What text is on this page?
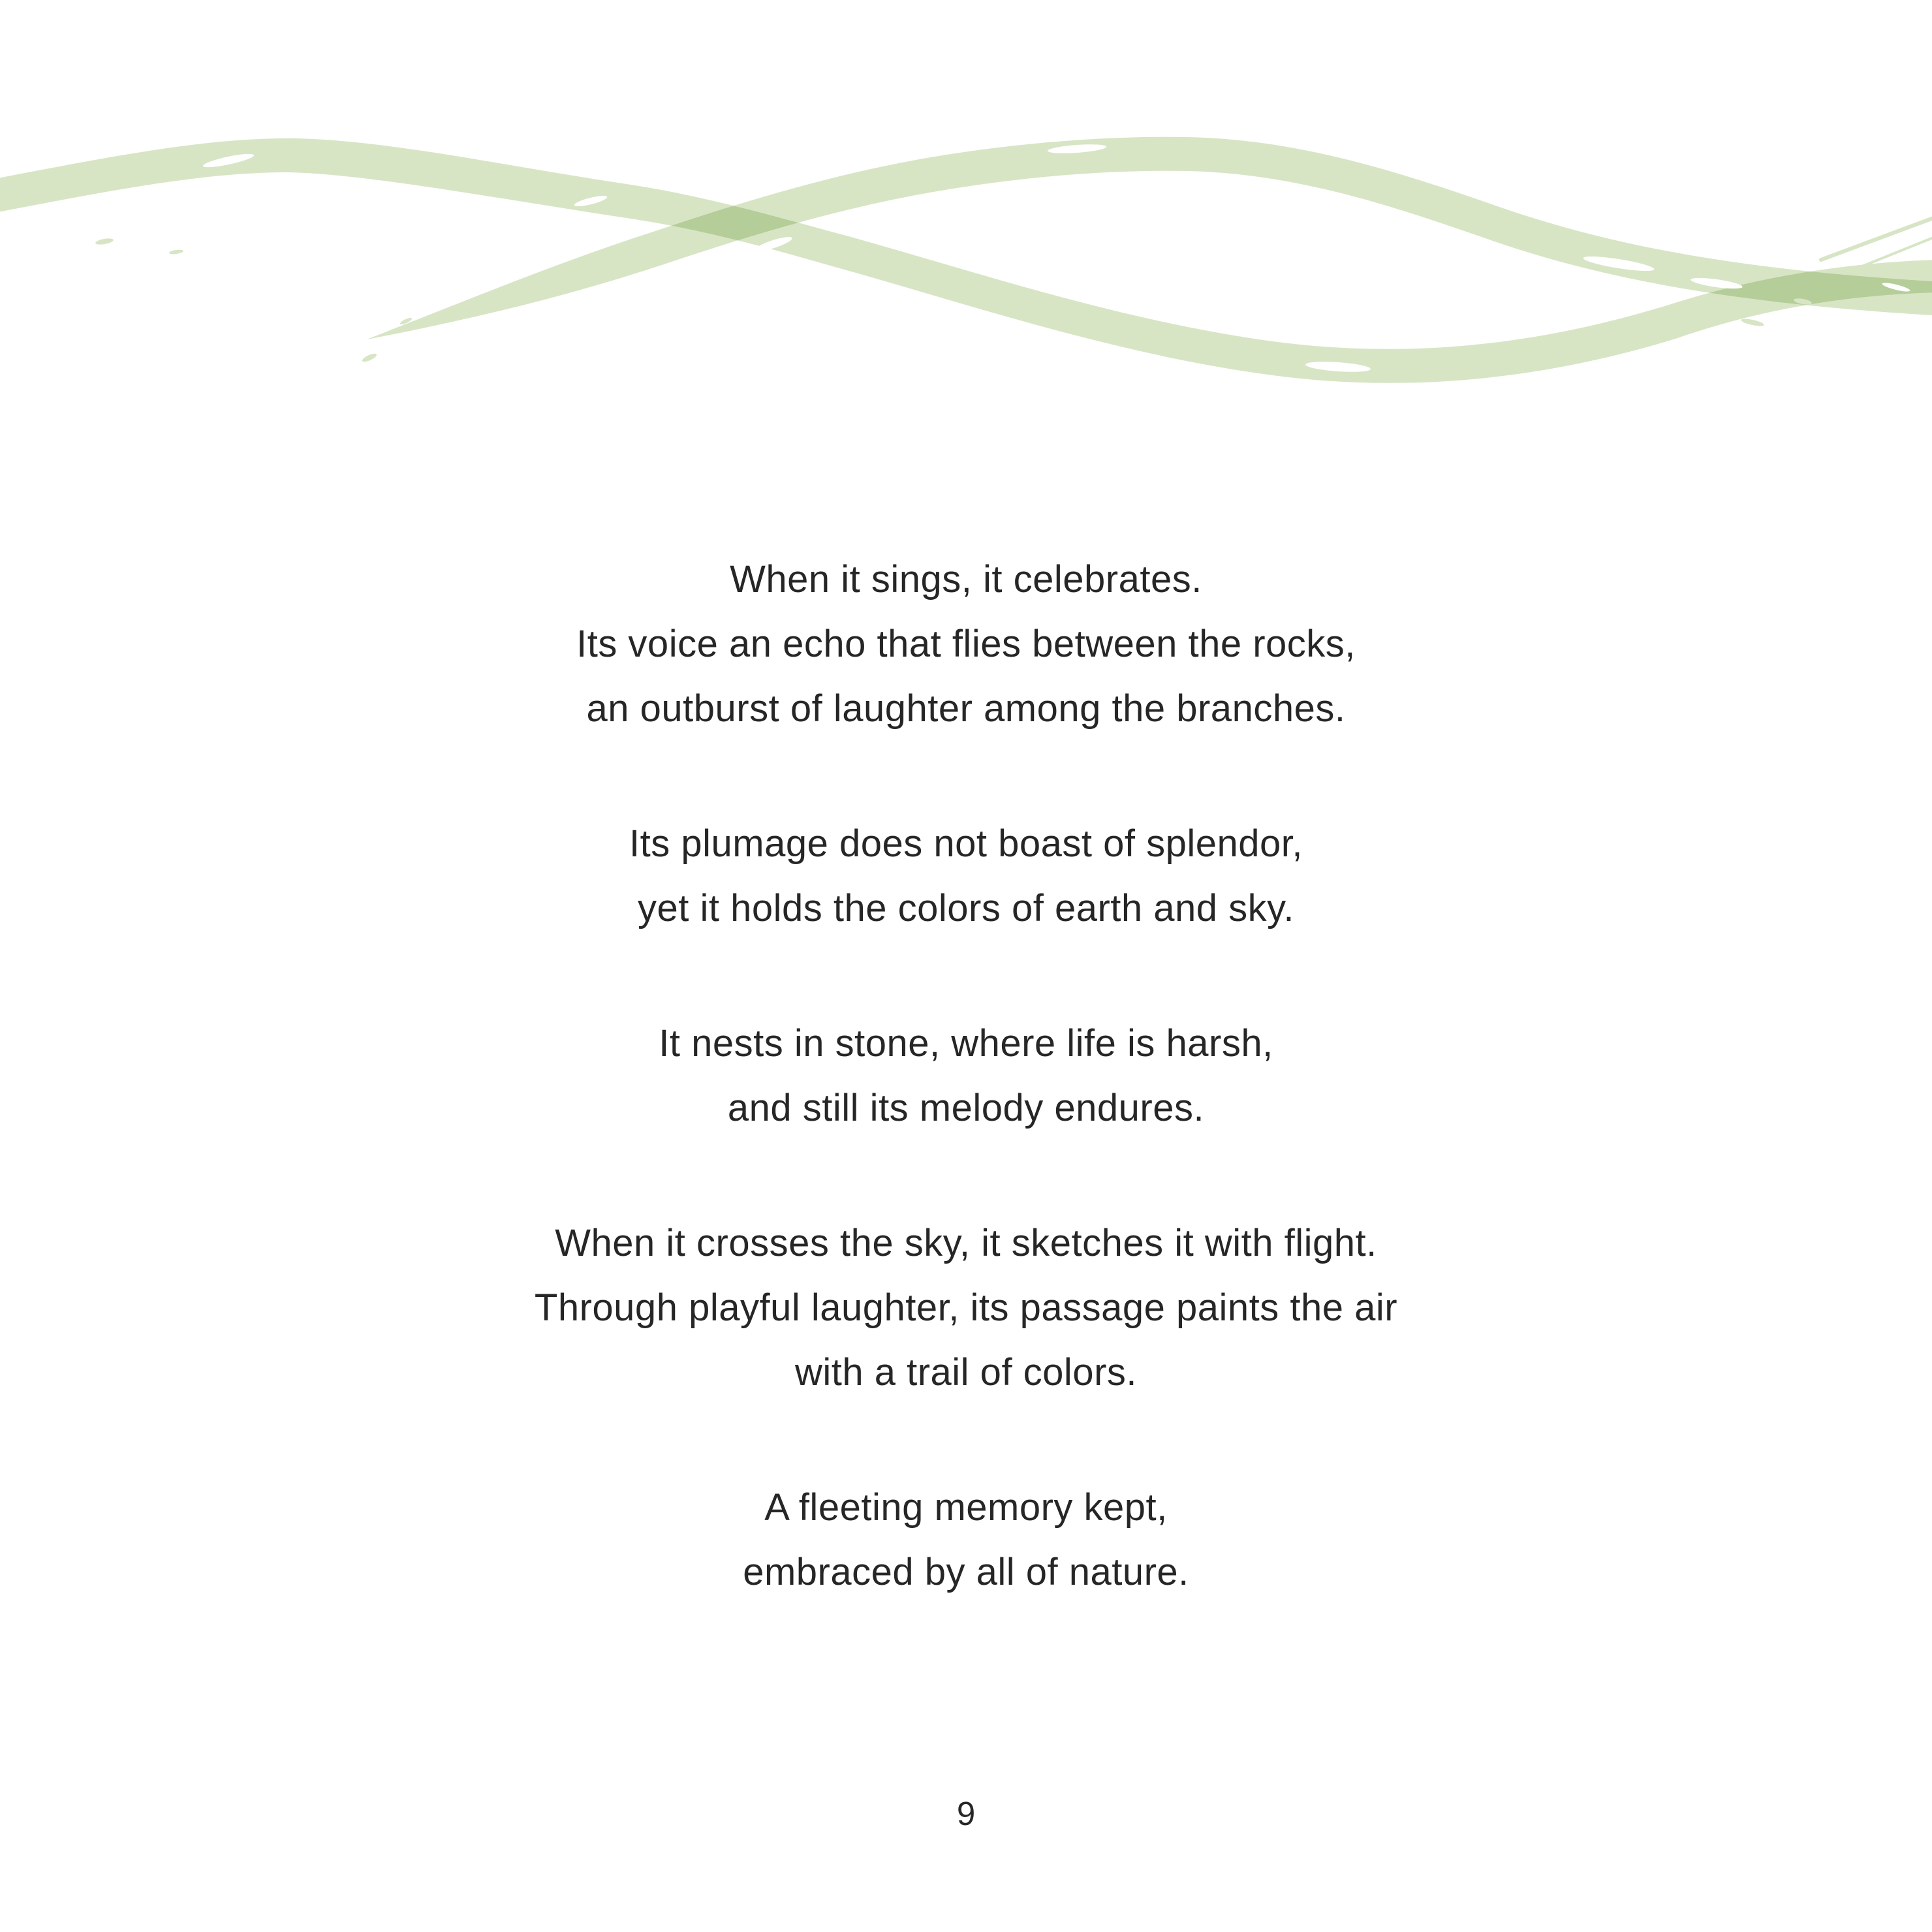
When it sings, it celebrates.
Its voice an echo that flies between the rocks,
an outburst of laughter among the branches.
Its plumage does not boast of splendor,
yet it holds the colors of earth and sky.
It nests in stone, where life is harsh,
and still its melody endures.
When it crosses the sky, it sketches it with flight.
Through playful laughter, its passage paints the air
with a trail of colors.
A fleeting memory kept,
embraced by all of nature.
9
